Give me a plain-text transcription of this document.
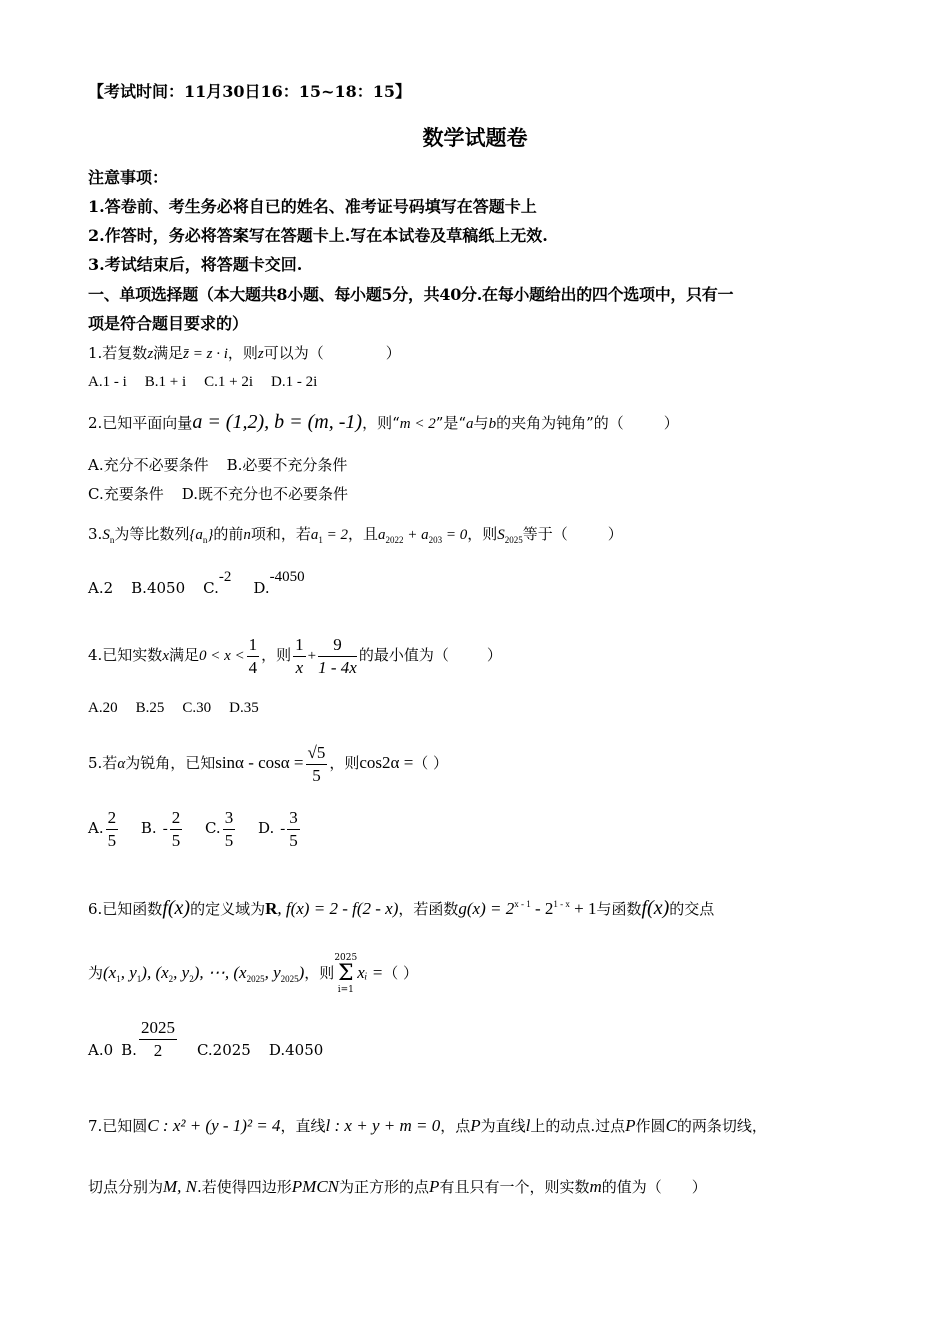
【考试时间：11月30日16：15~18：15】
数学试题卷
注意事项：
1.答卷前、考生务必将自已的姓名、准考证号码填写在答题卡上
2.作答时，务必将答案写在答题卡上.写在本试卷及草稿纸上无效.
3.考试结束后，将答题卡交回.
一、单项选择题（本大题共8小题、每小题5分，共40分.在每小题给出的四个选项中，只有一
项是符合题目要求的）
1.若复数z满足z̄ = z · i，则z可以为（	）
A.1 - i B.1 + i C.1 + 2i D.1 - 2i
2.已知平面向量a = (1,2), b = (m, -1)，则“m < 2”是“a与b的夹角为钝角”的（	）
A.充分不必要条件 B.必要不充分条件
C.充要条件 D.既不充分也不必要条件
$3.S_n$为等比数列$\{a_n\}$的前n项和，若$a_1 = 2$，且$a_{2022} + a_{203} = 0$，则$S_{2025}$等于（	）
A.2 B.4050 C.-2D.-4050
4.已知实数x满足$0 < x < \frac{1}{4}$ ，则 $\frac{1}{x} + \frac{9}{1 - 4x}$ 的最小值为（	）
A.20 B.25 C.30 D.35
5.若α为锐角，已知$\sin\alpha - \cos\alpha = \frac{√5}{5}$ ，则cos2α =（ ）
A. $\frac{2}{5} B$. - $\frac{2}{5} C$. $\frac{3}{5} D$. - $\frac{3}{5}$
6.已知函数f(x)的定义域为R, f(x) = 2 - f(2 - x)，若函数$g(x) = 2^{x - 1} - 2^{1 - x} + 1$与函数f(x)的交点
为($x_1$, $y_1$), ($x_2$, $y_2$), ⋯, ($x_{2025}$, $y_{2025}$)，则
2025
Σ
i=1
xᵢ =（ ）
A.0 B. $\frac{2025}{2} C.2025$ D.4050
7.已知圆C : x² + (y - 1)² = 4，直线l : x + y + m = 0，点P为直线l上的动点.过点P作圆C的两条切线，
切点分别为M, N.若使得四边形PMCN为正方形的点P有且只有一个，则实数m的值为（ ）
